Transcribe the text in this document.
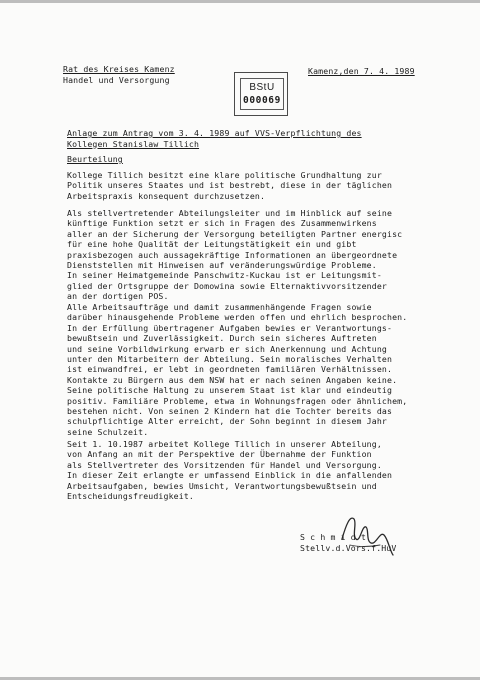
Rat des Kreises Kamenz
Handel und Versorgung
BStU
000069
Kamenz,den 7. 4. 1989
Anlage zum Antrag vom 3. 4. 1989 auf VVS-Verpflichtung des
Kollegen Stanislaw Tillich
Beurteilung
Kollege Tillich besitzt eine klare politische Grundhaltung zur
Politik unseres Staates und ist bestrebt, diese in der täglichen
Arbeitspraxis konsequent durchzusetzen.
Als stellvertretender Abteilungsleiter und im Hinblick auf seine
künftige Funktion setzt er sich in Fragen des Zusammenwirkens
aller an der Sicherung der Versorgung beteiligten Partner energisc
für eine hohe Qualität der Leitungstätigkeit ein und gibt
praxisbezogen auch aussagekräftige Informationen an übergeordnete
Dienststellen mit Hinweisen auf veränderungswürdige Probleme.
In seiner Heimatgemeinde Panschwitz-Kuckau ist er Leitungsmit-
glied der Ortsgruppe der Domowina sowie Elternaktivvorsitzender
an der dortigen POS.
Alle Arbeitsaufträge und damit zusammenhängende Fragen sowie
darüber hinausgehende Probleme werden offen und ehrlich besprochen.
In der Erfüllung übertragener Aufgaben bewies er Verantwortungs-
bewußtsein und Zuverlässigkeit. Durch sein sicheres Auftreten
und seine Vorbildwirkung erwarb er sich Anerkennung und Achtung
unter den Mitarbeitern der Abteilung. Sein moralisches Verhalten
ist einwandfrei, er lebt in geordneten familiären Verhältnissen.
Kontakte zu Bürgern aus dem NSW hat er nach seinen Angaben keine.
Seine politische Haltung zu unserem Staat ist klar und eindeutig
positiv. Familiäre Probleme, etwa in Wohnungsfragen oder ähnlichem,
bestehen nicht. Von seinen 2 Kindern hat die Tochter bereits das
schulpflichtige Alter erreicht, der Sohn beginnt in diesem Jahr
seine Schulzeit.
Seit 1. 10.1987 arbeitet Kollege Tillich in unserer Abteilung,
von Anfang an mit der Perspektive der Übernahme der Funktion
als Stellvertreter des Vorsitzenden für Handel und Versorgung.
In dieser Zeit erlangte er umfassend Einblick in die anfallenden
Arbeitsaufgaben, bewies Umsicht, Verantwortungsbewußtsein und
Entscheidungsfreudigkeit.
S c h m i d t
Stellv.d.Vors.f.HuV
